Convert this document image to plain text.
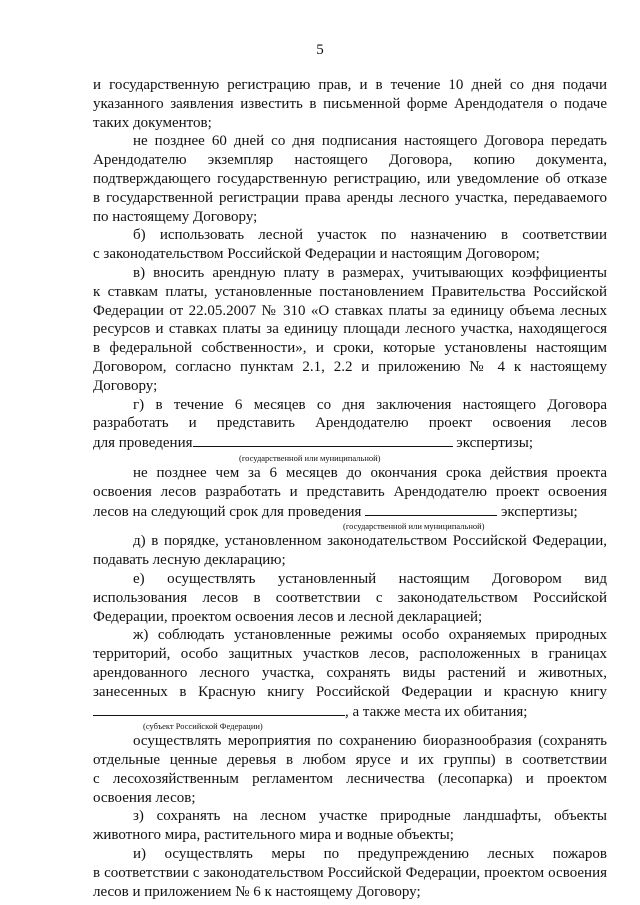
5
и государственную регистрацию прав, и в течение 10 дней со дня подачи
указанного заявления известить в письменной форме Арендодателя о подаче
таких документов;
не позднее 60 дней со дня подписания настоящего Договора передать
Арендодателю экземпляр настоящего Договора, копию документа,
подтверждающего государственную регистрацию, или уведомление об отказе
в государственной регистрации права аренды лесного участка, передаваемого
по настоящему Договору;
б) использовать лесной участок по назначению в соответствии
с законодательством Российской Федерации и настоящим Договором;
в) вносить арендную плату в размерах, учитывающих коэффициенты
к ставкам платы, установленные постановлением Правительства Российской
Федерации от 22.05.2007 № 310 «О ставках платы за единицу объема лесных
ресурсов и ставках платы за единицу площади лесного участка, находящегося
в федеральной собственности», и сроки, которые установлены настоящим
Договором, согласно пунктам 2.1, 2.2 и приложению № 4 к настоящему
Договору;
г) в течение 6 месяцев со дня заключения настоящего Договора
разработать и представить Арендодателю проект освоения лесов
для проведения	экспертизы;
(государственной или муниципальной)
не позднее чем за 6 месяцев до окончания срока действия проекта
освоения лесов разработать и представить Арендодателю проект освоения
лесов на следующий срок для проведения	экспертизы;
(государственной или муниципальной)
д) в порядке, установленном законодательством Российской Федерации,
подавать лесную декларацию;
е) осуществлять установленный настоящим Договором вид
использования лесов в соответствии с законодательством Российской
Федерации, проектом освоения лесов и лесной декларацией;
ж) соблюдать установленные режимы особо охраняемых природных
территорий, особо защитных участков лесов, расположенных в границах
арендованного лесного участка, сохранять виды растений и животных,
занесенных в Красную книгу Российской Федерации и красную книгу
, а также места их обитания;
(субъект Российской Федерации)
осуществлять мероприятия по сохранению биоразнообразия (сохранять
отдельные ценные деревья в любом ярусе и их группы) в соответствии
с лесохозяйственным регламентом лесничества (лесопарка) и проектом
освоения лесов;
з) сохранять на лесном участке природные ландшафты, объекты
животного мира, растительного мира и водные объекты;
и) осуществлять меры по предупреждению лесных пожаров
в соответствии с законодательством Российской Федерации, проектом освоения
лесов и приложением № 6 к настоящему Договору;
